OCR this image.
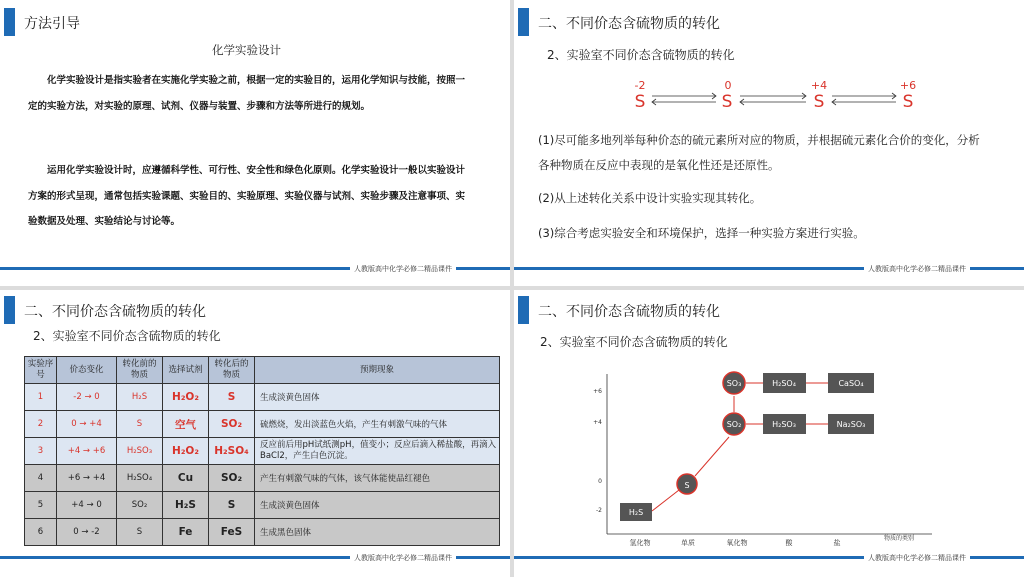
方法引导
化学实验设计

化学实验设计是指实验者在实施化学实验之前，根据一定的实验目的，运用化学知识与技能，按照一定的实验方法，对实验的原理、试剂、仪器与装置、步骤和方法等所进行的规划。

运用化学实验设计时，应遵循科学性、可行性、安全性和绿色化原则。化学实验设计一般以实验设计方案的形式呈现，通常包括实验课题、实验目的、实验原理、实验仪器与试剂、实验步骤及注意事项、实验数据及处理、实验结论与讨论等。

人教版高中化学必修二精品课件
二、不同价态含硫物质的转化
2、实验室不同价态含硫物质的转化
-2	0	+4	+6
S	S	S	S

(1)尽可能多地列举每种价态的硫元素所对应的物质，并根据硫元素化合价的变化，分析各种物质在反应中表现的是氧化性还是还原性。

(2)从上述转化关系中设计实验实现其转化。

(3)综合考虑实验安全和环境保护，选择一种实验方案进行实验。

人教版高中化学必修二精品课件
二、不同价态含硫物质的转化
2、实验室不同价态含硫物质的转化
实验序号	价态变化	转化前的物质	选择试剂	转化后的物质	预期现象
1	-2 → 0	H₂S	H₂O₂	S	生成淡黄色固体
2	0 → +4	S	空气	SO₂	硫燃烧，发出淡蓝色火焰，产生有刺激气味的气体
3	+4 → +6	H₂SO₃	H₂O₂	H₂SO₄	反应前后用pH试纸测pH，值变小；反应后滴入稀盐酸，再滴入BaCl2，产生白色沉淀。
4	+6 → +4	H₂SO₄	Cu	SO₂	产生有刺激气味的气体，该气体能使品红褪色
5	+4 → 0	SO₂	H₂S	S	生成淡黄色固体
6	0 → -2	S	Fe	FeS	生成黑色固体
人教版高中化学必修二精品课件
二、不同价态含硫物质的转化
2、实验室不同价态含硫物质的转化
+6
+4
0
-2
氢化物	单质	氧化物	酸	盐
物质的类别
S
SO₂
SO₃
H₂S
H₂SO₄	CaSO₄
H₂SO₃	Na₂SO₃
人教版高中化学必修二精品课件
